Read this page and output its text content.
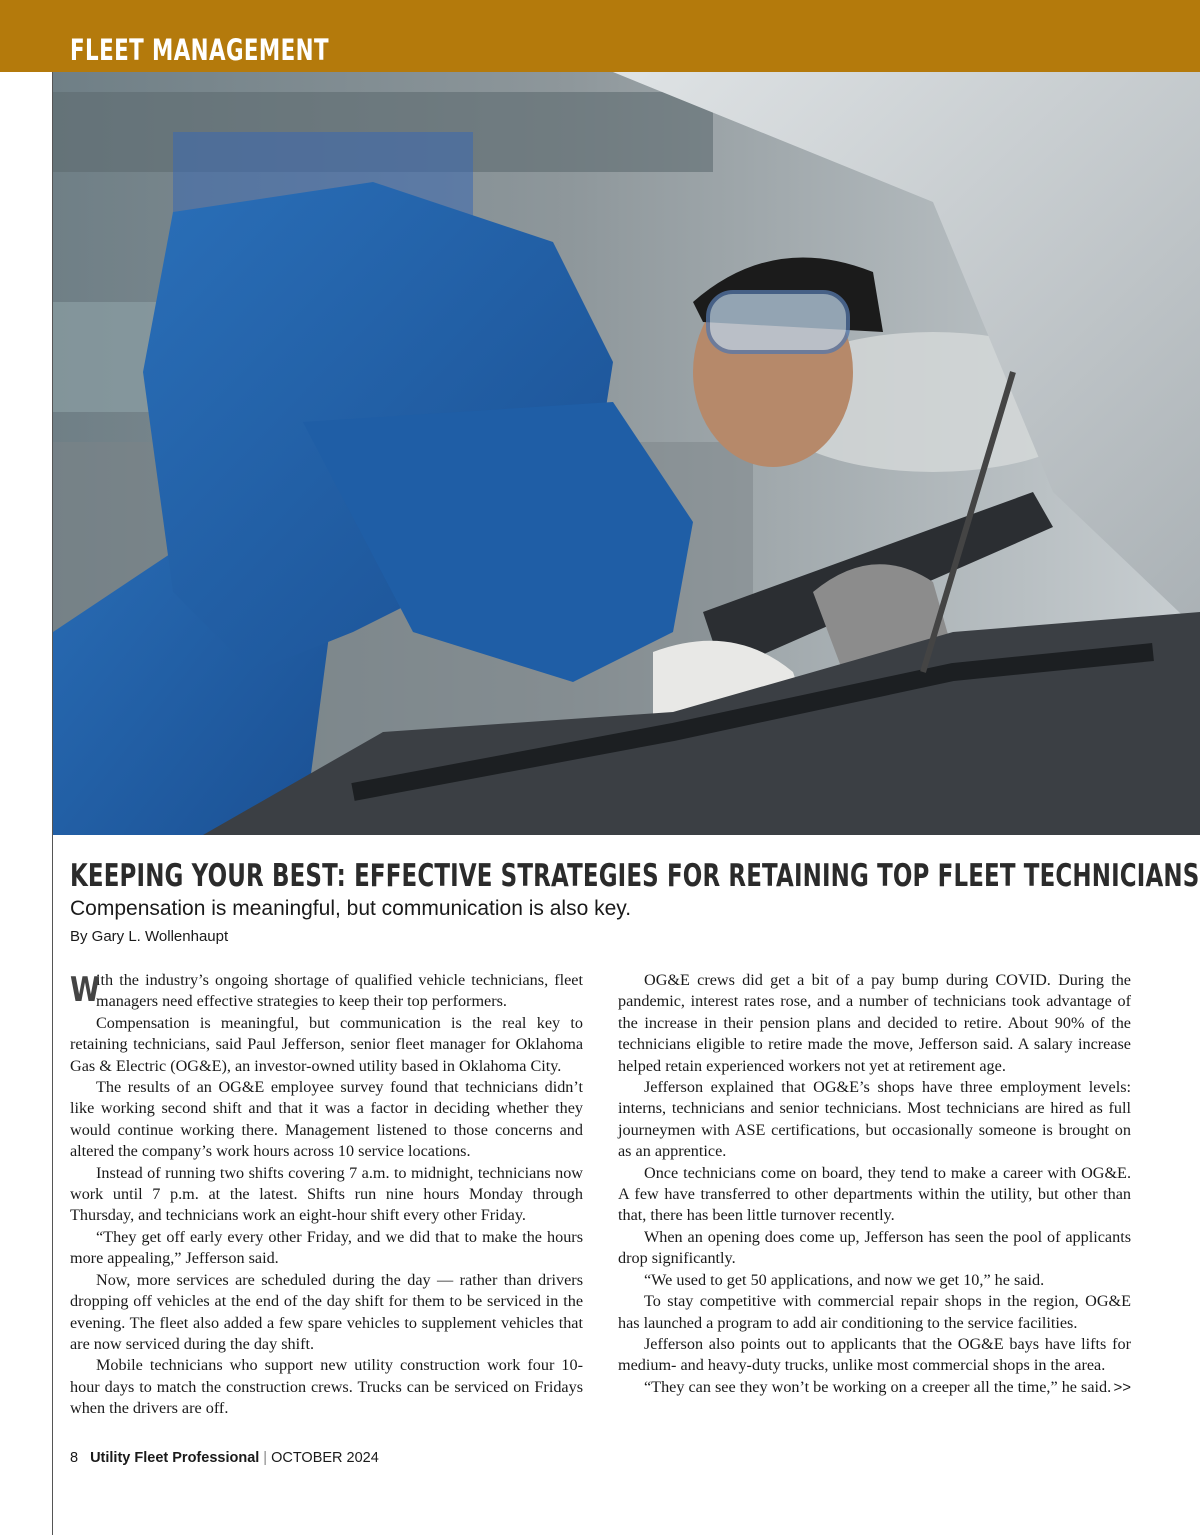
FLEET MANAGEMENT
KEEPING YOUR BEST: EFFECTIVE STRATEGIES FOR RETAINING TOP FLEET TECHNICIANS
Compensation is meaningful, but communication is also key.
By Gary L. Wollenhaupt

W
ith the industry’s ongoing shortage of qualified vehicle technicians, fleet managers need effective strategies to keep their top performers.

Compensation is meaningful, but communication is the real key to retaining technicians, said Paul Jefferson, senior fleet manager for Oklahoma Gas & Electric (OG&E), an investor-owned utility based in Oklahoma City.

The results of an OG&E employee survey found that technicians didn’t like working second shift and that it was a factor in deciding whether they would continue working there. Management listened to those concerns and altered the company’s work hours across 10 service locations.

Instead of running two shifts covering 7 a.m. to midnight, technicians now work until 7 p.m. at the latest. Shifts run nine hours Monday through Thursday, and technicians work an eight-hour shift every other Friday.

“They get off early every other Friday, and we did that to make the hours more appealing,” Jefferson said.

Now, more services are scheduled during the day — rather than drivers dropping off vehicles at the end of the day shift for them to be serviced in the evening. The fleet also added a few spare vehicles to supplement vehicles that are now serviced during the day shift.

Mobile technicians who support new utility construction work four 10-hour days to match the construction crews. Trucks can be serviced on Fridays when the drivers are off.

OG&E crews did get a bit of a pay bump during COVID. During the pandemic, interest rates rose, and a number of technicians took advantage of the increase in their pension plans and decided to retire. About 90% of the technicians eligible to retire made the move, Jefferson said. A salary increase helped retain experienced workers not yet at retirement age.

Jefferson explained that OG&E’s shops have three employment levels: interns, technicians and senior technicians. Most technicians are hired as full journeymen with ASE certifications, but occasionally someone is brought on as an apprentice.

Once technicians come on board, they tend to make a career with OG&E. A few have transferred to other departments within the utility, but other than that, there has been little turnover recently.

When an opening does come up, Jefferson has seen the pool of applicants drop significantly.

“We used to get 50 applications, and now we get 10,” he said.

To stay competitive with commercial repair shops in the region, OG&E has launched a program to add air conditioning to the service facilities.

Jefferson also points out to applicants that the OG&E bays have lifts for medium- and heavy-duty trucks, unlike most commercial shops in the area.

“They can see they won’t be working on a creeper all the time,” he said. >>
8 Utility Fleet Professional | OCTOBER 2024
